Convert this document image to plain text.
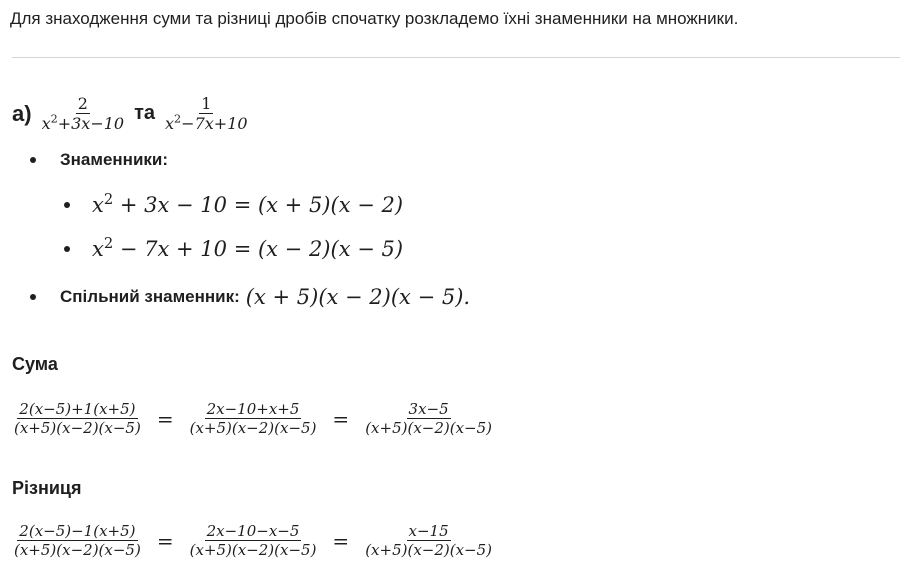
Для знаходження суми та різниці дробів спочатку розкладемо їхні знаменники на множники.
$а) \frac{2}{x^2+3x-10}$ та $\frac{1}{x^2-7x+10}$
Знаменники:
$x^2 + 3x - 10 = (x + 5)(x - 2)$
$x^2 - 7x + 10 = (x - 2)(x - 5)$
Спільний знаменник: (x + 5)(x − 2)(x − 5).
Сума
$\frac{2(x-5)+1(x+5)}{(x+5)(x-2)(x-5)} = \frac{2x-10+x+5}{(x+5)(x-2)(x-5)} = \frac{3x-5}{(x+5)(x-2)(x-5)}$
Різниця
$\frac{2(x-5)-1(x+5)}{(x+5)(x-2)(x-5)} = \frac{2x-10-x-5}{(x+5)(x-2)(x-5)} = \frac{x-15}{(x+5)(x-2)(x-5)}$
